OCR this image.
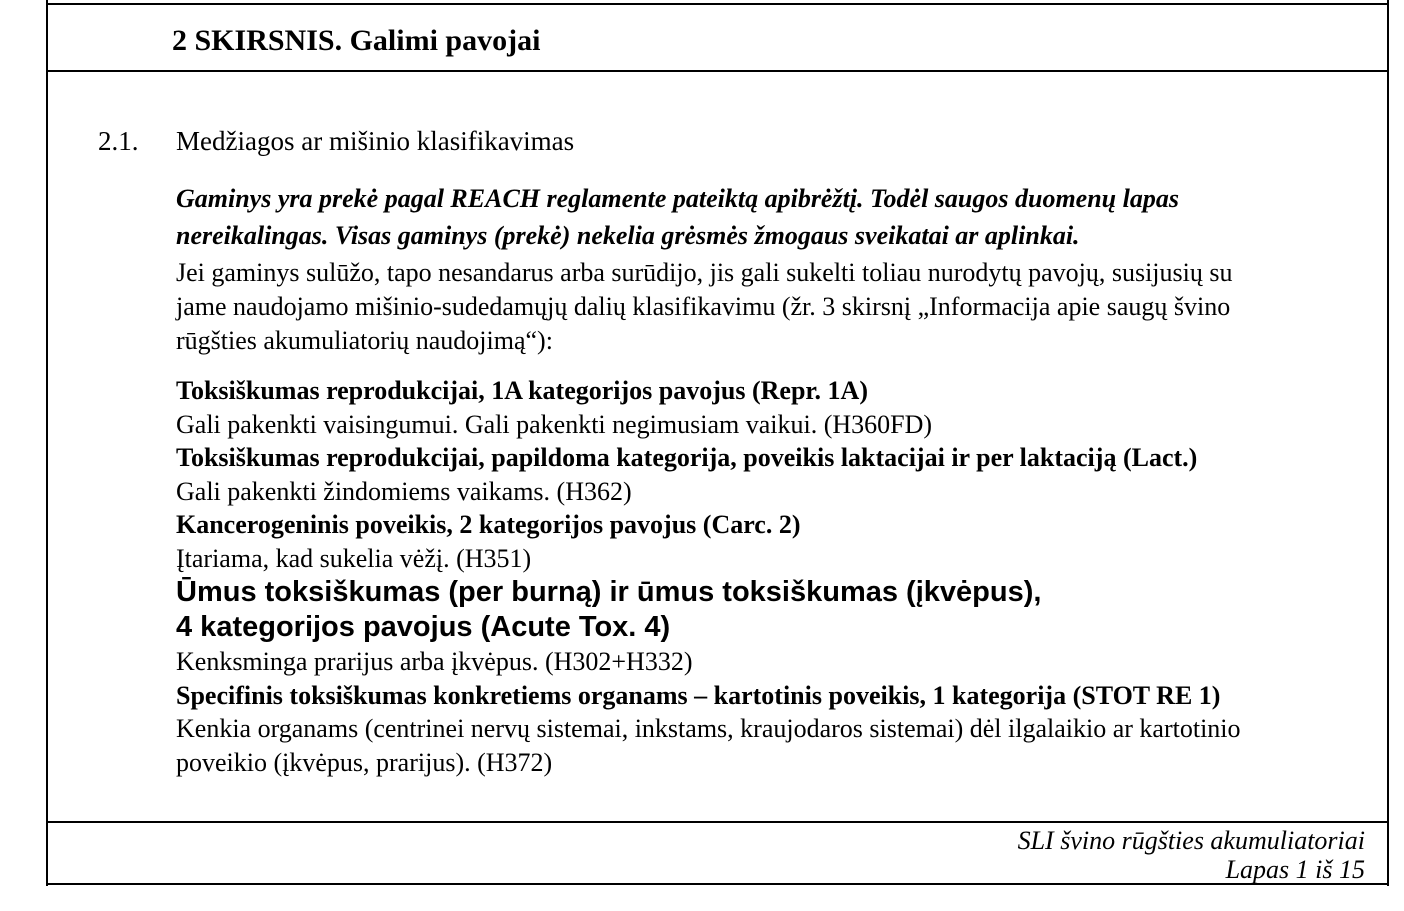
2 SKIRSNIS. Galimi pavojai
2.1. Medžiagos ar mišinio klasifikavimas
Gaminys yra prekė pagal REACH reglamente pateiktą apibrėžtį. Todėl saugos duomenų lapas
nereikalingas. Visas gaminys (prekė) nekelia grėsmės žmogaus sveikatai ar aplinkai.
Jei gaminys sulūžo, tapo nesandarus arba surūdijo, jis gali sukelti toliau nurodytų pavojų, susijusių su
jame naudojamo mišinio-sudedamųjų dalių klasifikavimu (žr. 3 skirsnį „Informacija apie saugų švino
rūgšties akumuliatorių naudojimą“):
Toksiškumas reprodukcijai, 1A kategorijos pavojus (Repr. 1A)
Gali pakenkti vaisingumui. Gali pakenkti negimusiam vaikui. (H360FD)
Toksiškumas reprodukcijai, papildoma kategorija, poveikis laktacijai ir per laktaciją (Lact.)
Gali pakenkti žindomiems vaikams. (H362)
Kancerogeninis poveikis, 2 kategorijos pavojus (Carc. 2)
Įtariama, kad sukelia vėžį. (H351)
Ūmus toksiškumas (per burną) ir ūmus toksiškumas (įkvėpus),
4 kategorijos pavojus (Acute Tox. 4)
Kenksminga prarijus arba įkvėpus. (H302+H332)
Specifinis toksiškumas konkretiems organams – kartotinis poveikis, 1 kategorija (STOT RE 1)
Kenkia organams (centrinei nervų sistemai, inkstams, kraujodaros sistemai) dėl ilgalaikio ar kartotinio
poveikio (įkvėpus, prarijus). (H372)
SLI švino rūgšties akumuliatoriai
Lapas 1 iš 15
